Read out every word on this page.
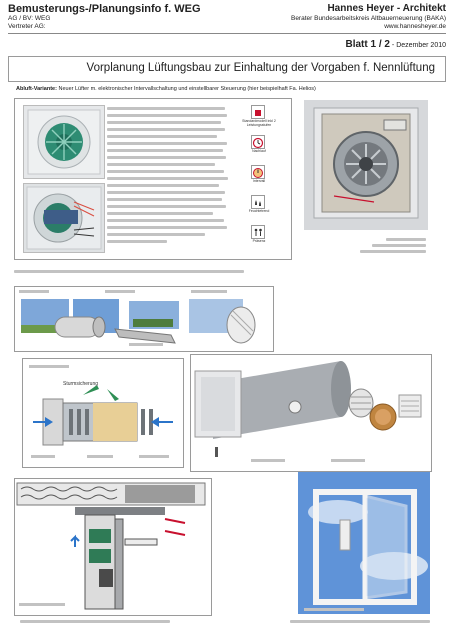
Bemusterungs-/Planungsinfo f. WEG	Hannes Heyer - Architekt
AG / BV: WEG
Vertreter AG:
Berater Bundesarbeitskreis Altbauerneuerung (BAKA)
www.hannesheyer.de
Blatt 1 / 2 - Dezember 2010
Vorplanung Lüftungsbau zur Einhaltung der Vorgaben f. Nennlüftung
Abluft-Variante: Neuer Lüfter m. elektronischer Intervallschaltung und einstellbarer Steuerung (hier beispielhaft Fa. Helios)
Standardmodell inkl 2 Leistungsstufen
Nachlauf
Intervall
Feuchtetrend
Präsenz
Sturmsicherung
